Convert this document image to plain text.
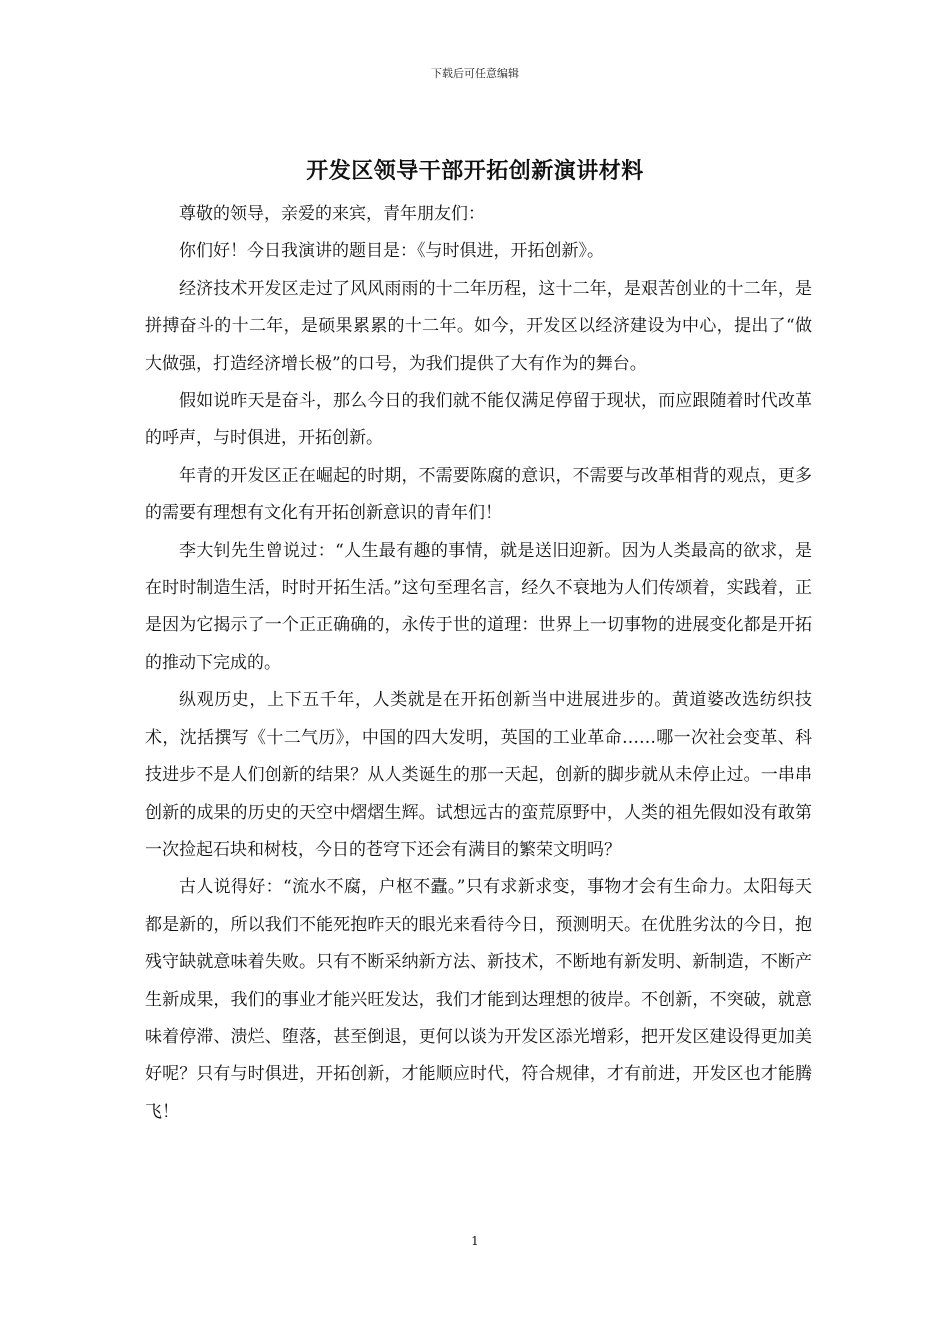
下载后可任意编辑
开发区领导干部开拓创新演讲材料

尊敬的领导，亲爱的来宾，青年朋友们：

你们好！今日我演讲的题目是：《与时俱进，开拓创新》。

经济技术开发区走过了风风雨雨的十二年历程，这十二年，是艰苦创业的十二年，是拼搏奋斗的十二年，是硕果累累的十二年。如今，开发区以经济建设为中心，提出了“做大做强，打造经济增长极”的口号，为我们提供了大有作为的舞台。

假如说昨天是奋斗，那么今日的我们就不能仅满足停留于现状，而应跟随着时代改革的呼声，与时俱进，开拓创新。

年青的开发区正在崛起的时期，不需要陈腐的意识，不需要与改革相背的观点，更多的需要有理想有文化有开拓创新意识的青年们！

李大钊先生曾说过：“人生最有趣的事情，就是送旧迎新。因为人类最高的欲求，是在时时制造生活，时时开拓生活。”这句至理名言，经久不衰地为人们传颂着，实践着，正是因为它揭示了一个正正确确的，永传于世的道理：世界上一切事物的进展变化都是开拓的推动下完成的。

纵观历史，上下五千年，人类就是在开拓创新当中进展进步的。黄道婆改选纺织技术，沈括撰写《十二气历》，中国的四大发明，英国的工业革命……哪一次社会变革、科技进步不是人们创新的结果？从人类诞生的那一天起，创新的脚步就从未停止过。一串串创新的成果的历史的天空中熠熠生辉。试想远古的蛮荒原野中，人类的祖先假如没有敢第一次捡起石块和树枝，今日的苍穹下还会有满目的繁荣文明吗？

古人说得好：“流水不腐，户枢不蠹。”只有求新求变，事物才会有生命力。太阳每天都是新的，所以我们不能死抱昨天的眼光来看待今日，预测明天。在优胜劣汰的今日，抱残守缺就意味着失败。只有不断采纳新方法、新技术，不断地有新发明、新制造，不断产生新成果，我们的事业才能兴旺发达，我们才能到达理想的彼岸。不创新，不突破，就意味着停滞、溃烂、堕落，甚至倒退，更何以谈为开发区添光增彩，把开发区建设得更加美好呢？只有与时俱进，开拓创新，才能顺应时代，符合规律，才有前进，开发区也才能腾飞！

1
